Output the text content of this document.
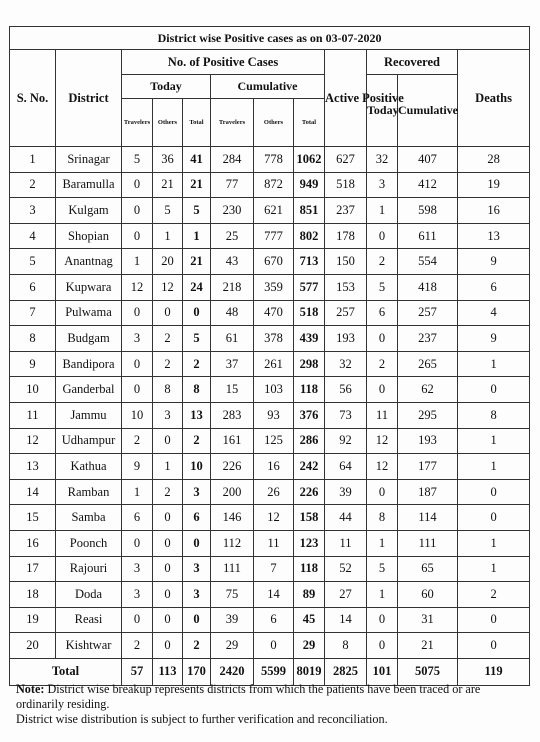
District wise Positive cases as on 03-07-2020											
S. No.	District	No. of Positive Cases						Active Positive	Recovered		Deaths
		Today			Cumulative				Today	Cumulative	
		Travelers	Others	Total	Travelers	Others	Total				
1	Srinagar	5	36	41	284	778	1062	627	32	407	28
2	Baramulla	0	21	21	77	872	949	518	3	412	19
3	Kulgam	0	5	5	230	621	851	237	1	598	16
4	Shopian	0	1	1	25	777	802	178	0	611	13
5	Anantnag	1	20	21	43	670	713	150	2	554	9
6	Kupwara	12	12	24	218	359	577	153	5	418	6
7	Pulwama	0	0	0	48	470	518	257	6	257	4
8	Budgam	3	2	5	61	378	439	193	0	237	9
9	Bandipora	0	2	2	37	261	298	32	2	265	1
10	Ganderbal	0	8	8	15	103	118	56	0	62	0
11	Jammu	10	3	13	283	93	376	73	11	295	8
12	Udhampur	2	0	2	161	125	286	92	12	193	1
13	Kathua	9	1	10	226	16	242	64	12	177	1
14	Ramban	1	2	3	200	26	226	39	0	187	0
15	Samba	6	0	6	146	12	158	44	8	114	0
16	Poonch	0	0	0	112	11	123	11	1	111	1
17	Rajouri	3	0	3	111	7	118	52	5	65	1
18	Doda	3	0	3	75	14	89	27	1	60	2
19	Reasi	0	0	0	39	6	45	14	0	31	0
20	Kishtwar	2	0	2	29	0	29	8	0	21	0
Total		57	113	170	2420	5599	8019	2825	101	5075	119

Note: District wise breakup represents districts from which the patients have been traced or are ordinarily residing.

District wise distribution is subject to further verification and reconciliation.
